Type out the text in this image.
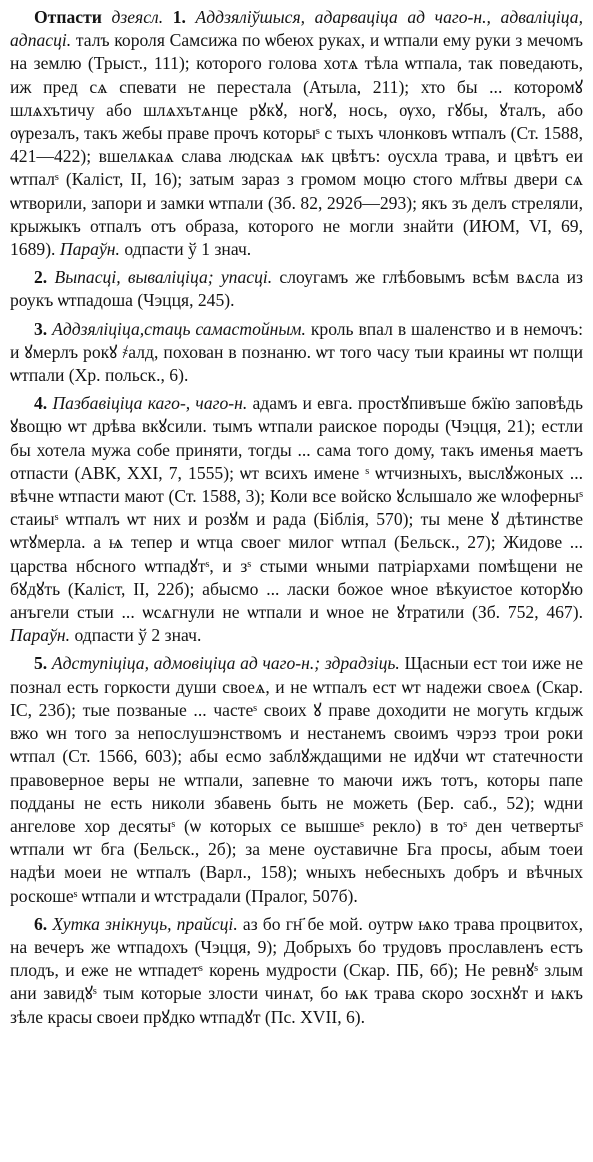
Отпасти дзеясл. 1. Аддзяліўшыся, адарваціца ад чаго-н., адваліціца, адпасці. талъ короля Самсижа по ѡбеюх руках, и ѡтпали ему руки з мечомъ на землю (Трыст., 111); которого голова хотѧ тѣла ѡтпала, так поведають, иж пред сѧ спевати не перестала (Атыла, 211); хто бы ... которомꙋ шлѧхътичу або шлѧхътѧнце рꙋкꙋ, ногꙋ, нось, ѹхо, гꙋбы, ꙋталъ, або ѹрезалъ, такъ жебы праве прочъ которыˢ с тыхъ члонковъ ѡтпалъ (Ст. 1588, 421—422); вшелѧкаѧ слава людскаѧ ѩк цвѣтъ: оусхла трава, и цвѣтъ еи ѡтпалˢ (Каліст, II, 16); затым зараз з громом моцю стого мл҃твы двери сѧ ѡтворили, запори и замки ѡтпали (Зб. 82, 292б—293); якъ зъ делъ стреляли, крыжыкъ отпалъ отъ образа, которого не могли знайти (ИЮМ, VI, 69, 1689). Параўн. одпасти ў 1 знач.

2. Выпасці, вываліціца; упасці. слоугамъ же глѣбовымъ всѣм вѧсла из роукъ ѡтпадоша (Чэцця, 245).

3. Аддзяліціца,стаць самастойным. кроль впал в шаленство и в немочъ: и ꙋмерлъ рокꙋ ҂алд, похован в познаню. ѡт того часу тыи краины ѡт полщи ѡтпали (Хр. польск., 6).

4. Пазбавіціца каго-, чаго-н. адамъ и евга. простꙋпивъше бжїю заповѣдь ꙋвощю ѡт дрѣва вкꙋсили. тымъ ѡтпали раиское породы (Чэцця, 21); естли бы хотела мужа собе приняти, тогды ... сама того дому, такъ именья маетъ отпасти (АВК, XXI, 7, 1555); ѡт всихъ имене ˢ ѡтчизныхъ, выслꙋжоных ... вѣчне ѡтпасти мают (Ст. 1588, 3); Коли все войско ꙋслышало же ѡлоферныˢ стаиыˢ ѡтпалъ ѡт них и розꙋм и рада (Біблія, 570); ты мене ꙋ дѣтинстве ѡтꙋмерла. а ѩ тепер и ѡтца своег милог ѡтпал (Бельск., 27); Жидове ... царства нбсного ѡтпадꙋтˢ, и зˢ стыми ѡными патріархами помѣщени не бꙋдꙋть (Каліст, II, 22б); абысмо ... ласки божое ѡное вѣкуистое которꙋю анъгели стыи ... ѡсѧгнули не ѡтпали и ѡное не ꙋтратили (Зб. 752, 467). Параўн. одпасти ў 2 знач.

5. Адступіціца, адмовіціца ад чаго-н.; здрадзіць. Щасныи ест тои иже не познал есть горкости души своеѧ, и не ѡтпалъ ест ѡт надежи своеѧ (Скар. ІС, 23б); тые позваные ... частеˢ своих ꙋ праве доходити не могуть кгдыж вжо ѡн того за непослушэнствомъ и нестанемъ своимъ чэрэз трои роки ѡтпал (Ст. 1566, 603); абы есмо заблꙋждащими не идꙋчи ѡт статечности правоверное веры не ѡтпали, запевне то маючи ижъ тотъ, которы папе подданы не есть николи збавень быть не можеть (Бер. саб., 52); ѡдни ангелове хор десятыˢ (ѡ которых се вышшеˢ рекло) в тоˢ ден четвертыˢ ѡтпали ѡт бга (Бельск., 2б); за мене оуставичне Бга просы, абым тоеи надѣи моеи не ѡтпалъ (Варл., 158); ѡныхъ небесныхъ добръ и вѣчных роскошеˢ ѡтпали и ѡтстрадали (Пралог, 507б).

6. Хутка знікнуць, прайсці. аз бо гн҃ бе мой. оутрѡ ѩко трава процвитох, на вечеръ же ѡтпадохъ (Чэцця, 9); Добрыхъ бо трудовъ прославленъ естъ плодъ, и еже не ѡтпадетˢ корень мудрости (Скар. ПБ, 6б); Не ревнꙋˢ злым ани завидꙋˢ тым которые злости чинѧт, бо ѩк трава скоро зосхнꙋт и ѩкъ зѣле красы своеи прꙋдко ѡтпадꙋт (Пс. XVII, 6).
